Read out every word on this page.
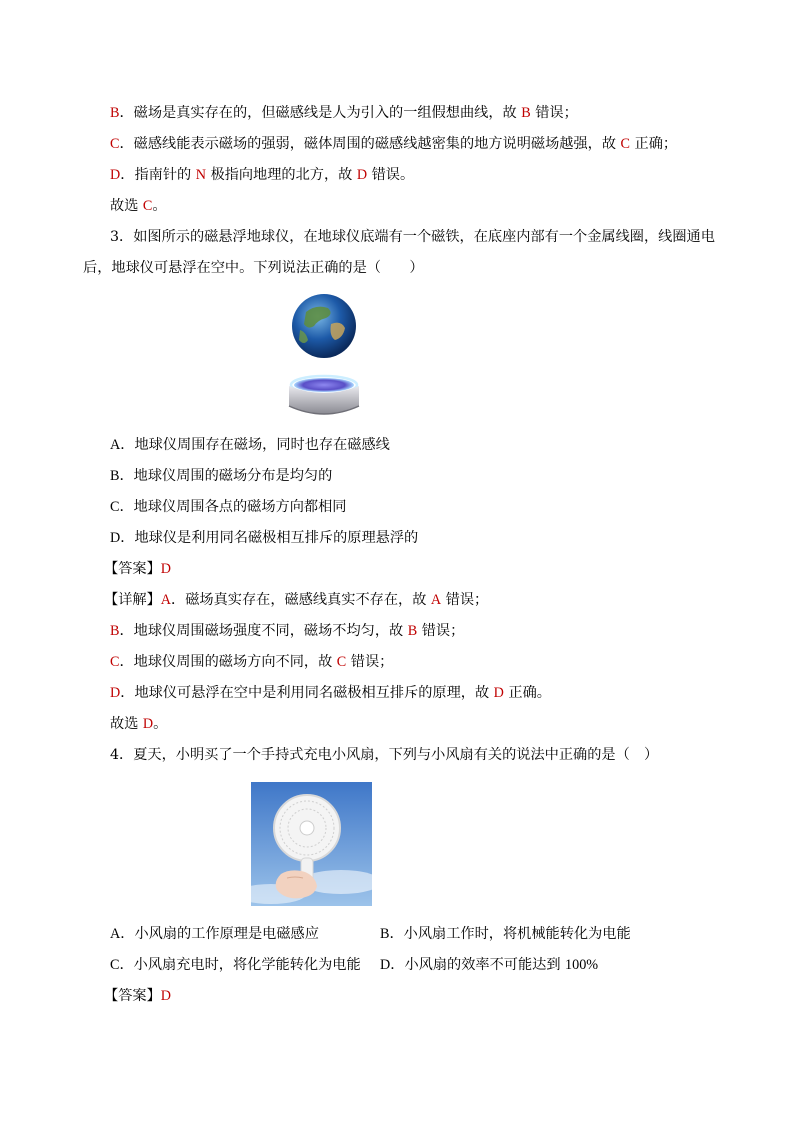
B．磁场是真实存在的，但磁感线是人为引入的一组假想曲线，故 B 错误；
C．磁感线能表示磁场的强弱，磁体周围的磁感线越密集的地方说明磁场越强，故 C 正确；
D．指南针的 N 极指向地理的北方，故 D 错误。
故选 C。
3．如图所示的磁悬浮地球仪，在地球仪底端有一个磁铁，在底座内部有一个金属线圈，线圈通电
后，地球仪可悬浮在空中。下列说法正确的是（　　）
A．地球仪周围存在磁场，同时也存在磁感线
B．地球仪周围的磁场分布是均匀的
C．地球仪周围各点的磁场方向都相同
D．地球仪是利用同名磁极相互排斥的原理悬浮的
【答案】D
【详解】A．磁场真实存在，磁感线真实不存在，故 A 错误；
B．地球仪周围磁场强度不同，磁场不均匀，故 B 错误；
C．地球仪周围的磁场方向不同，故 C 错误；
D．地球仪可悬浮在空中是利用同名磁极相互排斥的原理，故 D 正确。
故选 D。
4．夏天，小明买了一个手持式充电小风扇，下列与小风扇有关的说法中正确的是（　）
A．小风扇的工作原理是电磁感应	B．小风扇工作时，将机械能转化为电能
C．小风扇充电时，将化学能转化为电能 D．小风扇的效率不可能达到 100%
【答案】D
